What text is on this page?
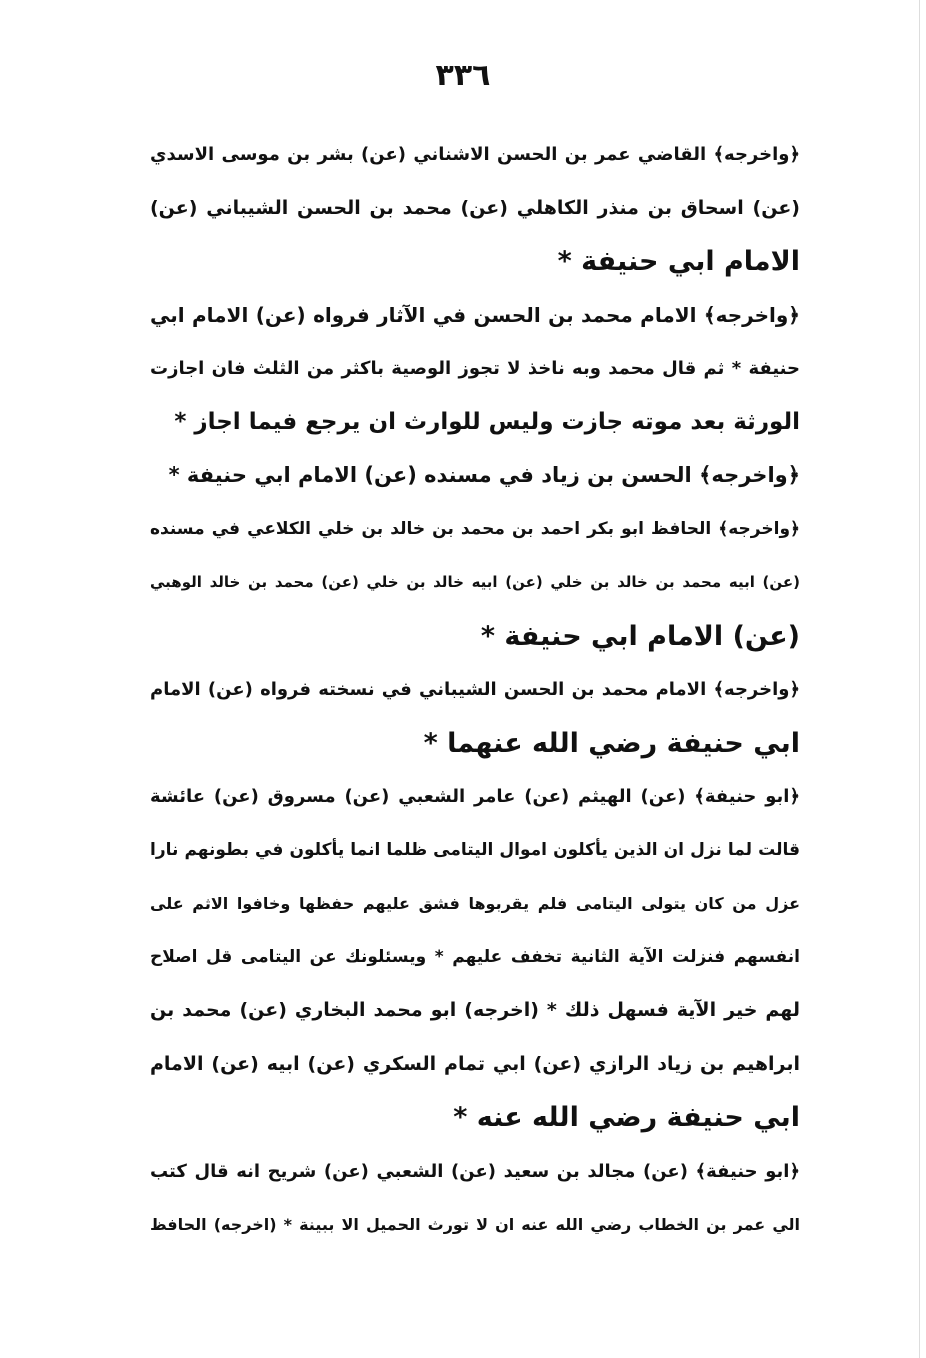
٣٣٦
﴿واخرجه﴾ القاضي عمر بن الحسن الاشناني (عن) بشر بن موسى الاسدي
(عن) اسحاق بن منذر الكاهلي (عن) محمد بن الحسن الشيباني (عن)
الامام ابي حنيفة *
﴿واخرجه﴾ الامام محمد بن الحسن في الآثار فرواه (عن) الامام ابي
حنيفة * ثم قال محمد وبه ناخذ لا تجوز الوصية باكثر من الثلث فان اجازت
الورثة بعد موته جازت وليس للوارث ان يرجع فيما اجاز *
﴿واخرجه﴾ الحسن بن زياد في مسنده (عن) الامام ابي حنيفة *
﴿واخرجه﴾ الحافظ ابو بكر احمد بن محمد بن خالد بن خلي الكلاعي في مسنده
(عن) ابيه محمد بن خالد بن خلي (عن) ابيه خالد بن خلي (عن) محمد بن خالد الوهبي
(عن) الامام ابي حنيفة *
﴿واخرجه﴾ الامام محمد بن الحسن الشيباني في نسخته فرواه (عن) الامام
ابي حنيفة رضي الله عنهما *
﴿ابو حنيفة﴾ (عن) الهيثم (عن) عامر الشعبي (عن) مسروق (عن) عائشة
قالت لما نزل ان الذين يأكلون اموال اليتامى ظلما انما يأكلون في بطونهم نارا
عزل من كان يتولى اليتامى فلم يقربوها فشق عليهم حفظها وخافوا الاثم على
انفسهم فنزلت الآية الثانية تخفف عليهم * ويسئلونك عن اليتامى قل اصلاح
لهم خير الآية فسهل ذلك * (اخرجه) ابو محمد البخاري (عن) محمد بن
ابراهيم بن زياد الرازي (عن) ابي تمام السكري (عن) ابيه (عن) الامام
ابي حنيفة رضي الله عنه *
﴿ابو حنيفة﴾ (عن) مجالد بن سعيد (عن) الشعبي (عن) شريح انه قال كتب
الي عمر بن الخطاب رضي الله عنه ان لا تورث الحميل الا ببينة * (اخرجه) الحافظ
